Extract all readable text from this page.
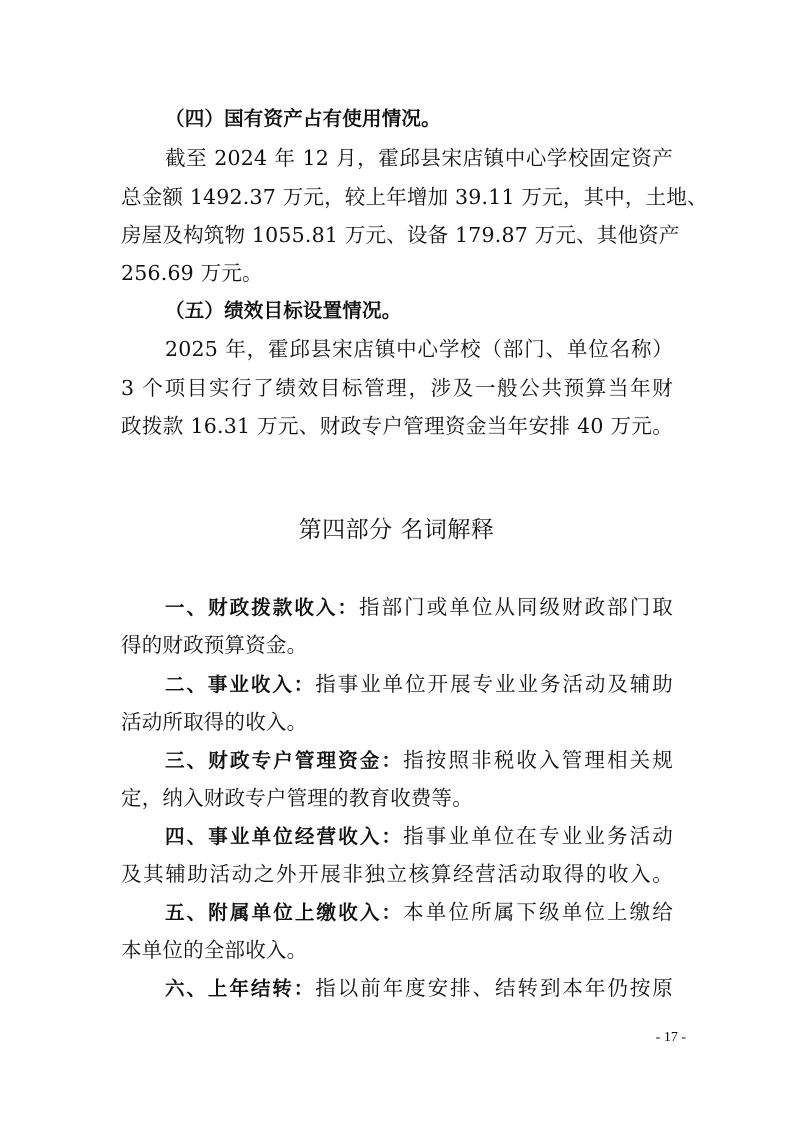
（四）国有资产占有使用情况。
截至 2024 年 12 月，霍邱县宋店镇中心学校固定资产
总金额 1492.37 万元，较上年增加 39.11 万元，其中，土地、
房屋及构筑物 1055.81 万元、设备 179.87 万元、其他资产
256.69 万元。
（五）绩效目标设置情况。
2025 年，霍邱县宋店镇中心学校（部门、单位名称）
3 个项目实行了绩效目标管理，涉及一般公共预算当年财
政拨款 16.31 万元、财政专户管理资金当年安排 40 万元。
第四部分 名词解释
一、财政拨款收入：指部门或单位从同级财政部门取
得的财政预算资金。
二、事业收入：指事业单位开展专业业务活动及辅助
活动所取得的收入。
三、财政专户管理资金：指按照非税收入管理相关规
定，纳入财政专户管理的教育收费等。
四、事业单位经营收入：指事业单位在专业业务活动
及其辅助活动之外开展非独立核算经营活动取得的收入。
五、附属单位上缴收入：本单位所属下级单位上缴给
本单位的全部收入。
六、上年结转：指以前年度安排、结转到本年仍按原
- 17 -
